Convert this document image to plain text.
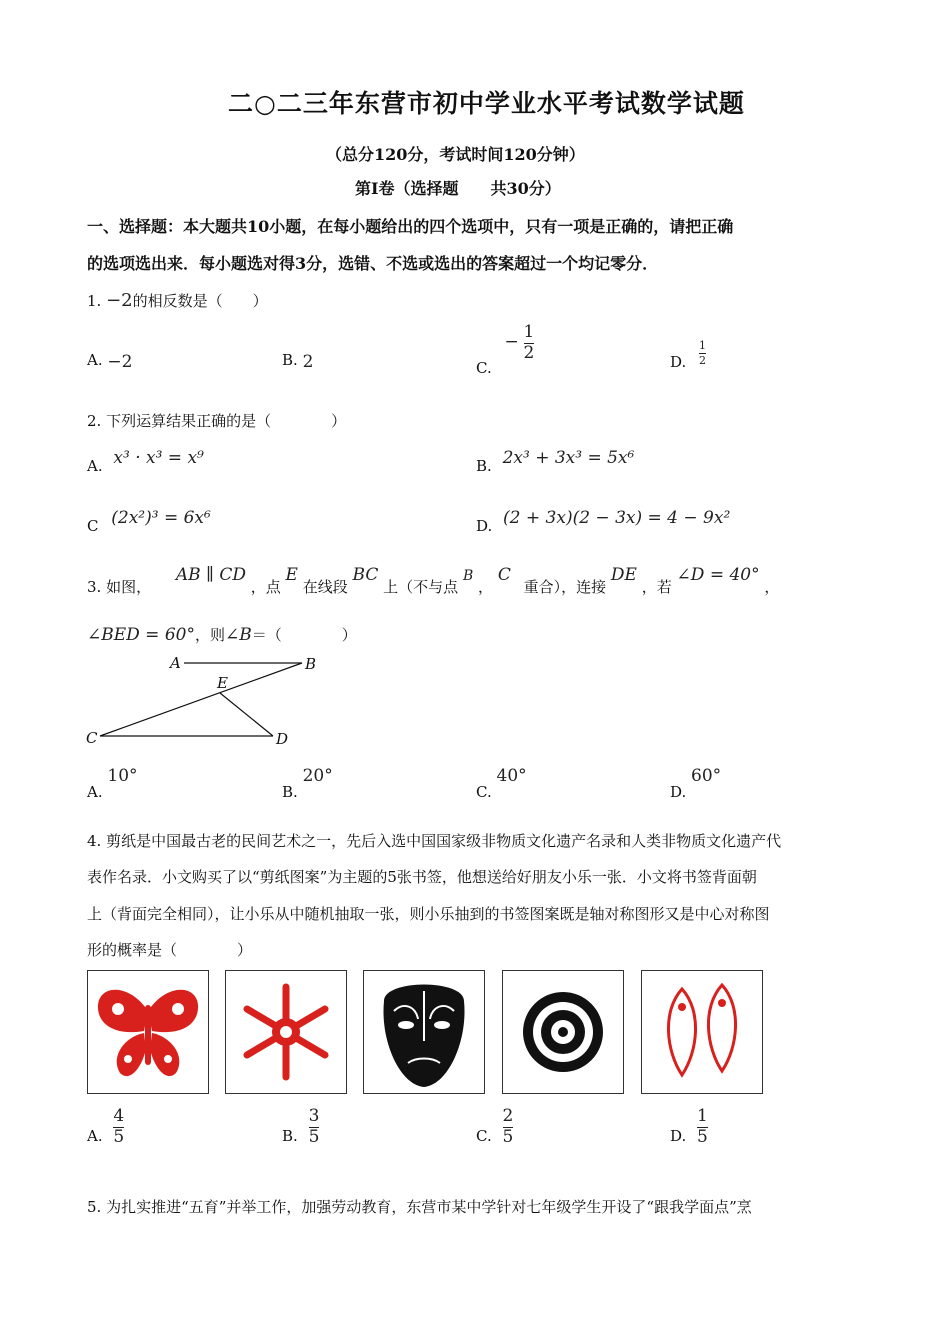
二○二三年东营市初中学业水平考试数学试题
（总分120分，考试时间120分钟）
第Ⅰ卷（选择题　　共30分）
一、选择题：本大题共10小题，在每小题给出的四个选项中，只有一项是正确的，请把正确
的选项选出来．每小题选对得3分，选错、不选或选出的答案超过一个均记零分．
1. −2的相反数是（　　）
A. −2	B. 2	C. − $\frac{1}{2}$	D. $\frac{1}{2}$
2. 下列运算结果正确的是（　　　　）
A. x³ · x³ = x⁹	B. 2x³ + 3x³ = 5x⁶
C (2x²)³ = 6x⁶	D. (2 + 3x)(2 − 3x) = 4 − 9x²
3. 如图， AB ∥ CD ，点 E 在线段 BC 上（不与点 B ， C 重合），连接 DE ，若 ∠D = 40° ，
∠BED = 60°，则∠B＝（　　　　）
A	B
E
C	D
A. 10°
B. 20°
C. 40°
D. 60°
4. 剪纸是中国最古老的民间艺术之一，先后入选中国国家级非物质文化遗产名录和人类非物质文化遗产代
表作名录．小文购买了以“剪纸图案”为主题的5张书签，他想送给好朋友小乐一张．小文将书签背面朝
上（背面完全相同），让小乐从中随机抽取一张，则小乐抽到的书签图案既是轴对称图形又是中心对称图
形的概率是（　　　　）
A. $\frac{4}{5}$	B. $\frac{3}{5}$	C. $\frac{2}{5}$	D. $\frac{1}{5}$
5. 为扎实推进“五育”并举工作，加强劳动教育，东营市某中学针对七年级学生开设了“跟我学面点”烹
